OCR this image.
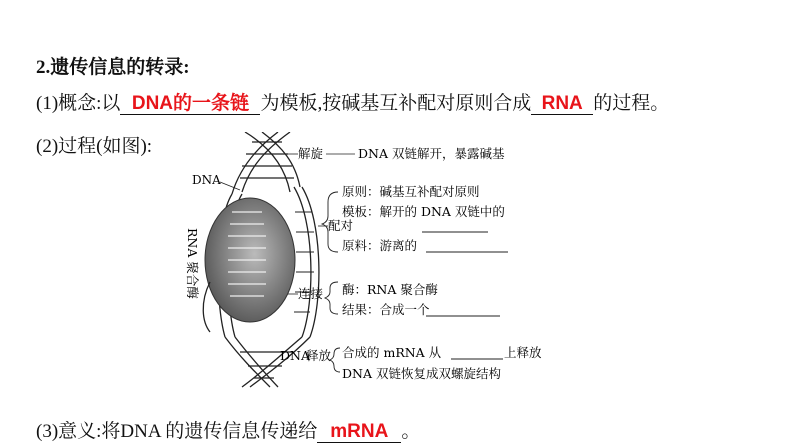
2.遗传信息的转录:
(1)概念:以 DNA的一条链 为模板,按碱基互补配对原则合成 RNA 的过程。
(2)过程(如图):
DNA
RNA 聚合酶
解旋	DNA 双链解开，暴露碱基
配对
原则：碱基互补配对原则
模板：解开的 DNA 双链中的
原料：游离的
连接 酶：RNA 聚合酶
结果：合成一个
DNA
释放 合成的 mRNA 从	上释放
DNA 双链恢复成双螺旋结构
(3)意义:将DNA 的遗传信息传递给 mRNA 。
